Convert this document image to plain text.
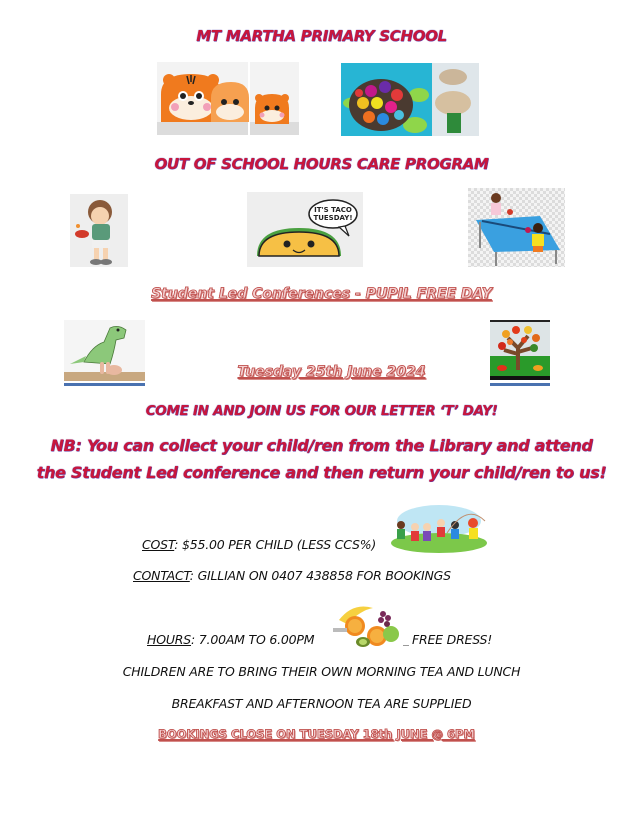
MT MARTHA PRIMARY SCHOOL
OUT OF SCHOOL HOURS CARE PROGRAM
IT'S TACO
TUESDAY!
Student Led Conferences - PUPIL FREE DAY
Tuesday 25th June 2024
COME IN AND JOIN US FOR OUR LETTER ‘T’ DAY!
NB: You can collect your child/ren from the Library and attend
the Student Led conference and then return your child/ren to us!
COST: $55.00 PER CHILD (LESS CCS%)
CONTACT: GILLIAN ON 0407 438858 FOR BOOKINGS
HOURS: 7.00AM TO 6.00PM	FREE DRESS!
CHILDREN ARE TO BRING THEIR OWN MORNING TEA AND LUNCH
BREAKFAST AND AFTERNOON TEA ARE SUPPLIED
BOOKINGS CLOSE ON TUESDAY 18th JUNE @ 6PM
